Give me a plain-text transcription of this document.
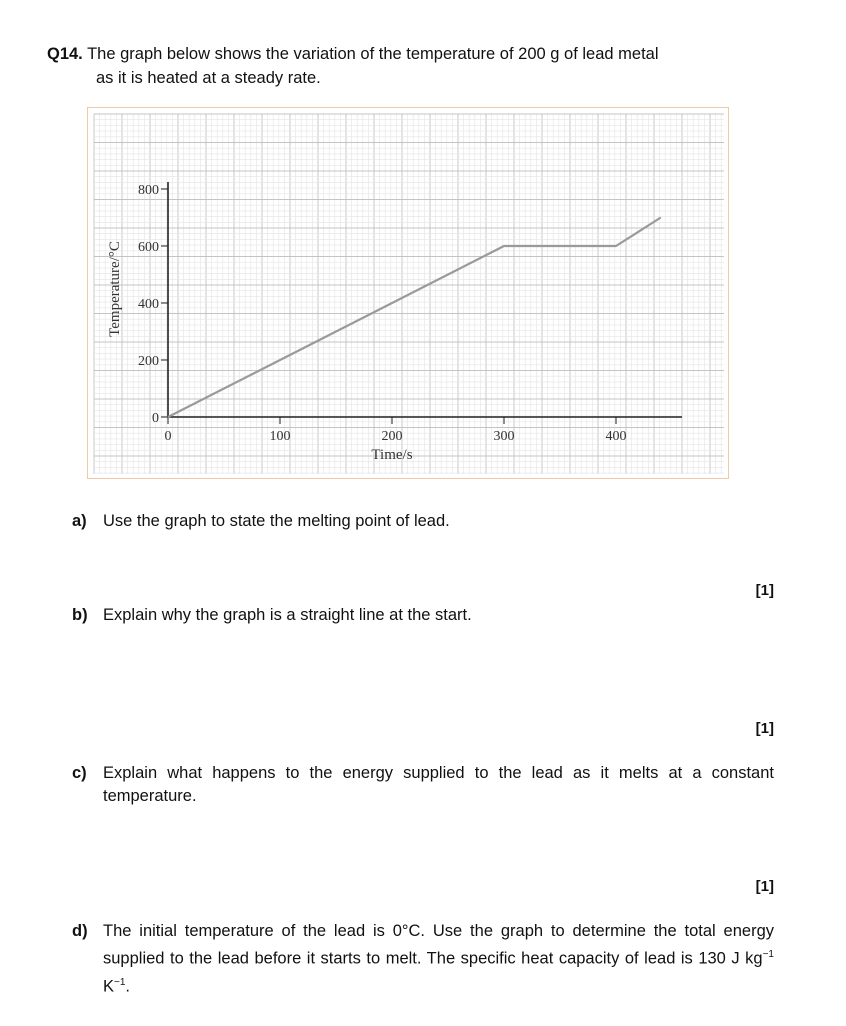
Q14. The graph below shows the variation of the temperature of 200 g of lead metal
as it is heated at a steady rate.
0	100	200	300	400
0
200
400
600
800
Time/s
Temperature/°C
a) Use the graph to state the melting point of lead.
[1]
b) Explain why the graph is a straight line at the start.
[1]
c) Explain what happens to the energy supplied to the lead as it melts at a constant temperature.
[1]
d) The initial temperature of the lead is 0°C. Use the graph to determine the total energy supplied to the lead before it starts to melt. The specific heat capacity of lead is 130 J $kg^{-1}$ $K^{-1}$.
